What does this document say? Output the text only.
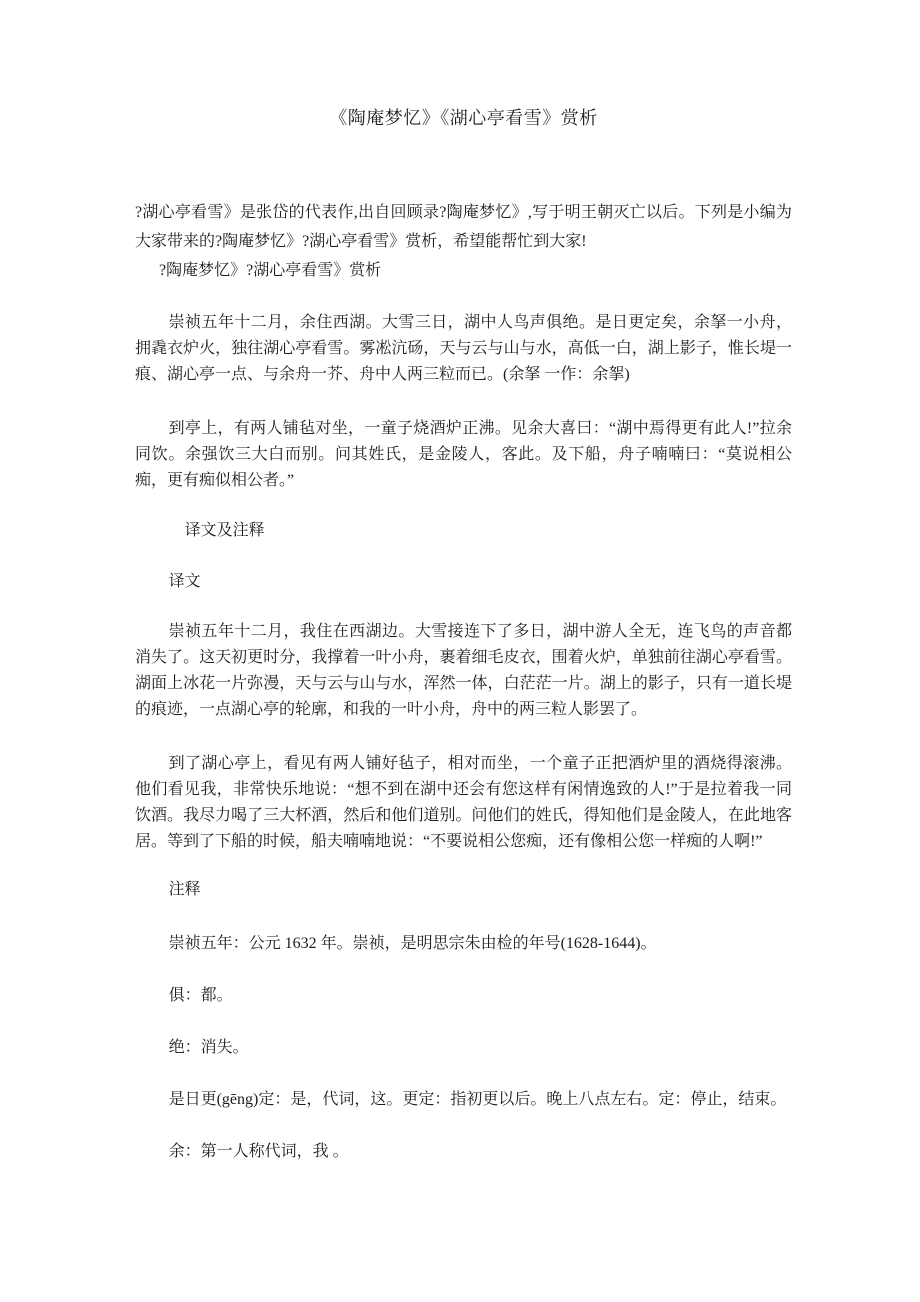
《陶庵梦忆》《湖心亭看雪》赏析

?湖心亭看雪》是张岱的代表作,出自回顾录?陶庵梦忆》,写于明王朝灭亡以后。下列是小编为大家带来的?陶庵梦忆》?湖心亭看雪》赏析，希望能帮忙到大家!

?陶庵梦忆》?湖心亭看雪》赏析

崇祯五年十二月，余住西湖。大雪三日，湖中人鸟声俱绝。是日更定矣，余拏一小舟，拥毳衣炉火，独往湖心亭看雪。雾凇沆砀，天与云与山与水，高低一白，湖上影子，惟长堤一痕、湖心亭一点、与余舟一芥、舟中人两三粒而已。(余拏 一作：余挐)

到亭上，有两人铺毡对坐，一童子烧酒炉正沸。见余大喜曰：“湖中焉得更有此人!”拉余同饮。余强饮三大白而别。问其姓氏，是金陵人，客此。及下船，舟子喃喃曰：“莫说相公痴，更有痴似相公者。”

译文及注释

译文

崇祯五年十二月，我住在西湖边。大雪接连下了多日，湖中游人全无，连飞鸟的声音都消失了。这天初更时分，我撑着一叶小舟，裹着细毛皮衣，围着火炉，单独前往湖心亭看雪。湖面上冰花一片弥漫，天与云与山与水，浑然一体，白茫茫一片。湖上的影子，只有一道长堤的痕迹，一点湖心亭的轮廓，和我的一叶小舟，舟中的两三粒人影罢了。

到了湖心亭上，看见有两人铺好毡子，相对而坐，一个童子正把酒炉里的酒烧得滚沸。他们看见我，非常快乐地说：“想不到在湖中还会有您这样有闲情逸致的人!”于是拉着我一同饮酒。我尽力喝了三大杯酒，然后和他们道别。问他们的姓氏，得知他们是金陵人，在此地客居。等到了下船的时候，船夫喃喃地说：“不要说相公您痴，还有像相公您一样痴的人啊!”

注释

崇祯五年：公元 1632 年。崇祯，是明思宗朱由检的年号(1628-1644)。

俱：都。

绝：消失。

是日更(gēng)定：是，代词，这。更定：指初更以后。晚上八点左右。定：停止，结束。

余：第一人称代词，我 。
